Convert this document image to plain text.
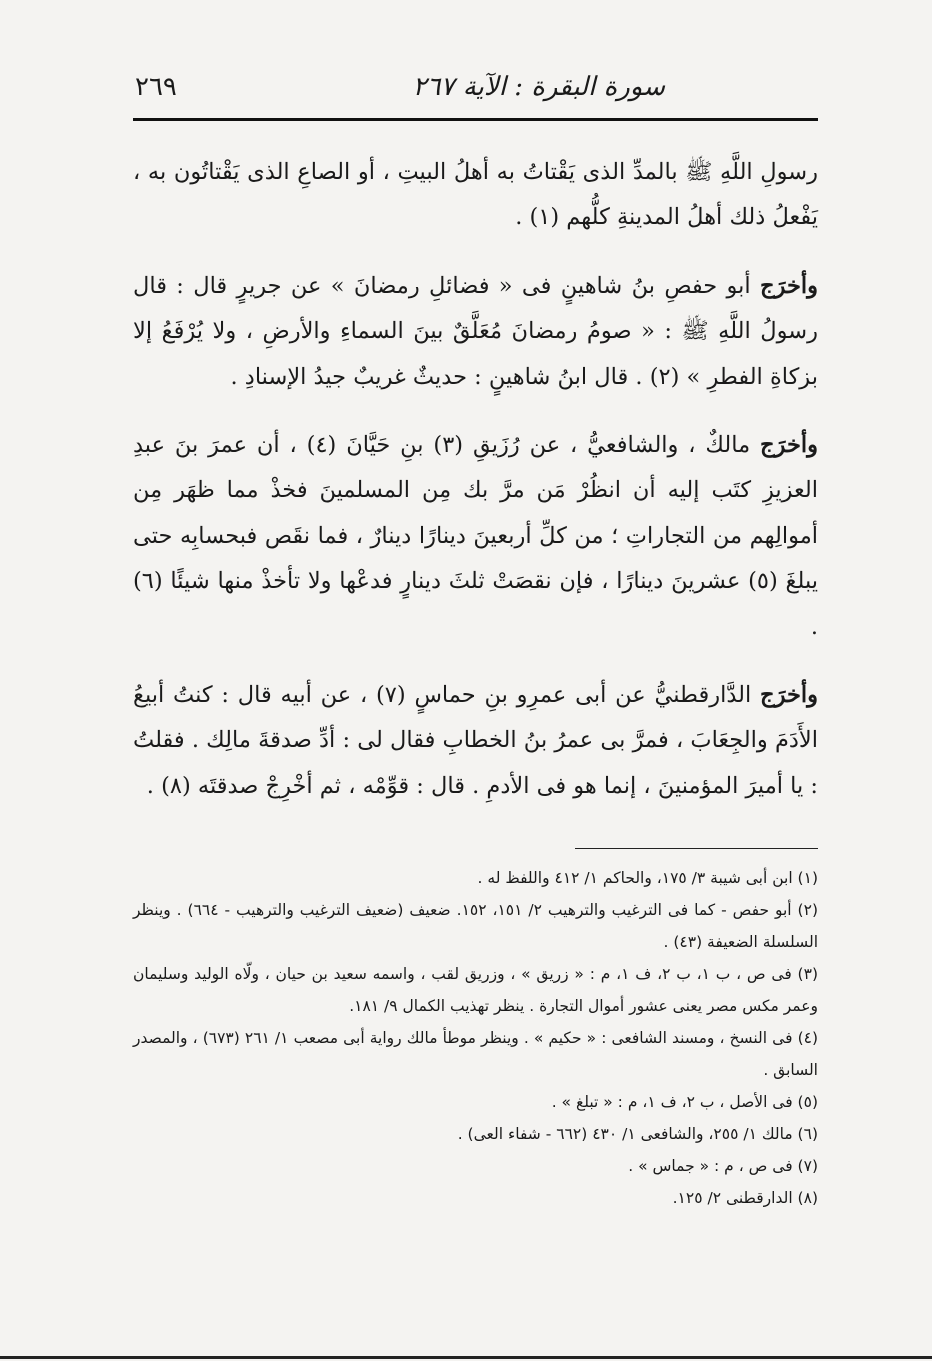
سورة البقرة : الآية ٢٦٧
٢٦٩

رسولِ اللَّهِ ﷺ بالمدِّ الذى يَقْتاتُ به أهلُ البيتِ ، أو الصاعِ الذى يَقْتاتُون به ، يَفْعلُ ذلك أهلُ المدينةِ كلُّهم (١) .

وأخرَج أبو حفصِ بنُ شاهينٍ فى « فضائلِ رمضانَ » عن جريرٍ قال : قال رسولُ اللَّهِ ﷺ : « صومُ رمضانَ مُعَلَّقٌ بينَ السماءِ والأرضِ ، ولا يُرْفَعُ إلا بزكاةِ الفطرِ » (٢) . قال ابنُ شاهينٍ : حديثٌ غريبٌ جيدُ الإسنادِ .

وأخرَج مالكٌ ، والشافعيُّ ، عن رُزَيقِ (٣) بنِ حَيَّانَ (٤) ، أن عمرَ بنَ عبدِ العزيزِ كتَب إليه أن انظُرْ مَن مرَّ بك مِن المسلمينَ فخذْ مما ظهَر مِن أموالِهم من التجاراتِ ؛ من كلِّ أربعينَ دينارًا دينارٌ ، فما نقَص فبحسابِه حتى يبلغَ (٥) عشرينَ دينارًا ، فإن نقصَتْ ثلثَ دينارٍ فدعْها ولا تأخذْ منها شيئًا (٦) .

وأخرَج الدَّارقطنيُّ عن أبى عمرِو بنِ حماسٍ (٧) ، عن أبيه قال : كنتُ أبيعُ الأَدَمَ والجِعَابَ ، فمرَّ بى عمرُ بنُ الخطابِ فقال لى : أدِّ صدقةَ مالِك . فقلتُ : يا أميرَ المؤمنينَ ، إنما هو فى الأدمِ . قال : قوِّمْه ، ثم أخْرِجْ صدقتَه (٨) .

(١) ابن أبى شيبة ٣/ ١٧٥، والحاكم ١/ ٤١٢ واللفظ له .

(٢) أبو حفص - كما فى الترغيب والترهيب ٢/ ١٥١، ١٥٢. ضعيف (ضعيف الترغيب والترهيب - ٦٦٤) . وينظر السلسلة الضعيفة (٤٣) .

(٣) فى ص ، ب ١، ب ٢، ف ١، م : « زريق » ، وزريق لقب ، واسمه سعيد بن حيان ، ولّاه الوليد وسليمان وعمر مكس مصر يعنى عشور أموال التجارة . ينظر تهذيب الكمال ٩/ ١٨١.

(٤) فى النسخ ، ومسند الشافعى : « حكيم » . وينظر موطأ مالك رواية أبى مصعب ١/ ٢٦١ (٦٧٣) ، والمصدر السابق .

(٥) فى الأصل ، ب ٢، ف ١، م : « تبلغ » .

(٦) مالك ١/ ٢٥٥، والشافعى ١/ ٤٣٠ (٦٦٢ - شفاء العى) .

(٧) فى ص ، م : « جماس » .

(٨) الدارقطنى ٢/ ١٢٥.
